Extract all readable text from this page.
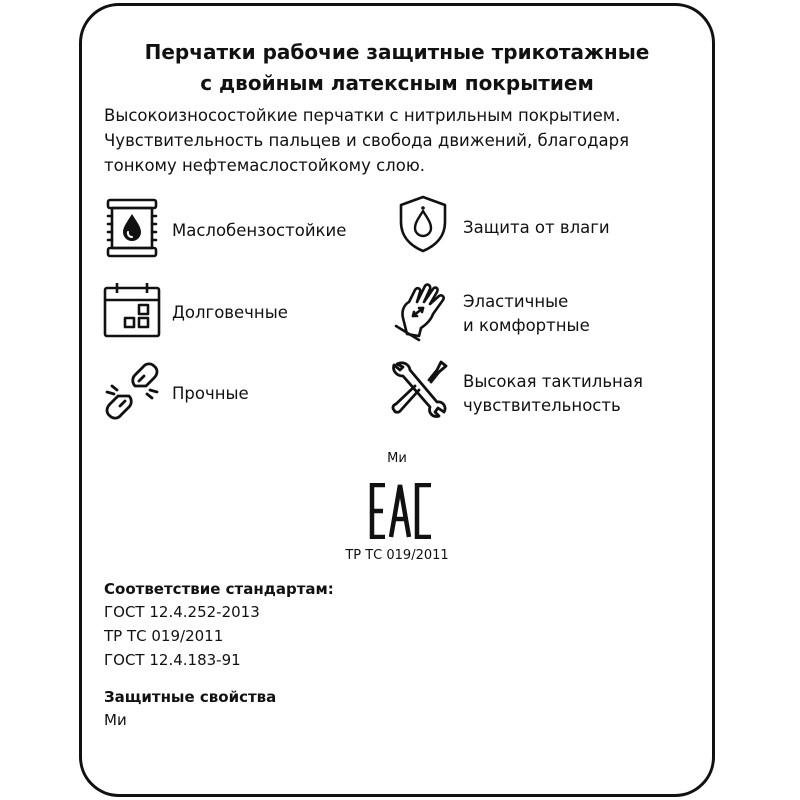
Перчатки рабочие защитные трикотажные
с двойным латексным покрытием
Высокоизносостойкие перчатки с нитрильным покрытием.
Чувствительность пальцев и свобода движений, благодаря
тонкому нефтемаслостойкому слою.
Маслобензостойкие	Защита от влаги
Долговечные
Эластичные
и комфортные
Прочные
Высокая тактильная
чувствительность
Ми
ТР ТС 019/2011
Соответствие стандартам:
ГОСТ 12.4.252-2013
ТР ТС 019/2011
ГОСТ 12.4.183-91
Защитные свойства
Ми
